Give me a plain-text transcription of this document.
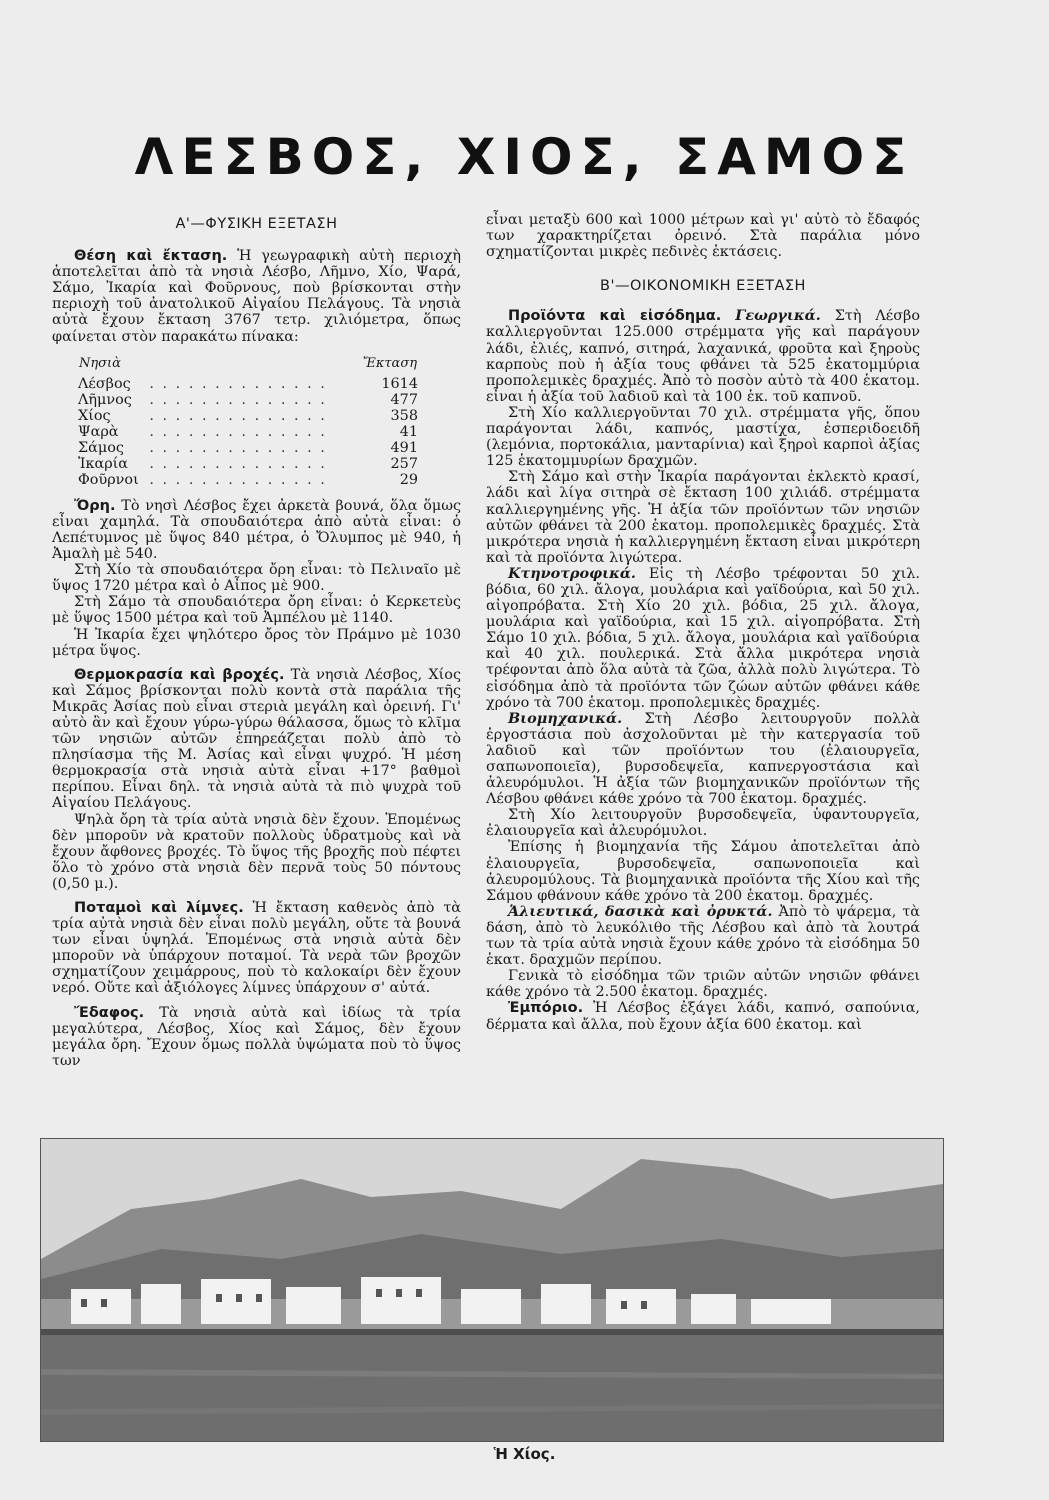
ΛΕΣΒΟΣ, ΧΙΟΣ, ΣΑΜΟΣ
Α'—ΦΥΣΙΚΗ ΕΞΕΤΑΣΗ

Θέση καὶ ἔκταση. Ἡ γεωγραφικὴ αὐτὴ περιοχὴ ἀποτελεῖται ἀπὸ τὰ νησιὰ Λέσβο, Λῆμνο, Χίο, Ψαρά, Σάμο, Ἰκαρία καὶ Φοῦρνους, ποὺ βρίσκονται στὴν περιοχὴ τοῦ ἀνατολικοῦ Αἰγαίου Πελάγους. Τὰ νησιὰ αὐτὰ ἔχουν ἔκταση 3767 τετρ. χιλιόμετρα, ὅπως φαίνεται στὸν παρακάτω πίνακα:

Νησιὰ		Ἔκταση
Λέσβος	. . . . . . . . . . . . . .	1614
Λῆμνος	. . . . . . . . . . . . . .	477
Χίος	. . . . . . . . . . . . . .	358
Ψαρὰ	. . . . . . . . . . . . . .	41
Σάμος	. . . . . . . . . . . . . .	491
Ἰκαρία	. . . . . . . . . . . . . .	257
Φοῦρνοι	. . . . . . . . . . . . . .	29

Ὄρη. Τὸ νησὶ Λέσβος ἔχει ἀρκετὰ βουνά, ὅλα ὅμως εἶναι χαμηλά. Τὰ σπουδαιότερα ἀπὸ αὐτὰ εἶναι: ὁ Λεπέτυμνος μὲ ὕψος 840 μέτρα, ὁ Ὄλυμπος μὲ 940, ἡ Ἀμαλὴ μὲ 540.

Στὴ Χίο τὰ σπουδαιότερα ὄρη εἶναι: τὸ Πελιναῖο μὲ ὕψος 1720 μέτρα καὶ ὁ Αἶπος μὲ 900.

Στὴ Σάμο τὰ σπουδαιότερα ὄρη εἶναι: ὁ Κερκετεὺς μὲ ὕψος 1500 μέτρα καὶ τοῦ Ἀμπέλου μὲ 1140.

Ἡ Ἰκαρία ἔχει ψηλότερο ὄρος τὸν Πράμνο μὲ 1030 μέτρα ὕψος.

Θερμοκρασία καὶ βροχές. Τὰ νησιὰ Λέσβος, Χίος καὶ Σάμος βρίσκονται πολὺ κοντὰ στὰ παράλια τῆς Μικρᾶς Ἀσίας ποὺ εἶναι στεριὰ μεγάλη καὶ ὀρεινή. Γι' αὐτὸ ἂν καὶ ἔχουν γύρω-γύρω θάλασσα, ὅμως τὸ κλῖμα τῶν νησιῶν αὐτῶν ἐπηρεάζεται πολὺ ἀπὸ τὸ πλησίασμα τῆς Μ. Ἀσίας καὶ εἶναι ψυχρό. Ἡ μέση θερμοκρασία στὰ νησιὰ αὐτὰ εἶναι +17° βαθμοὶ περίπου. Εἶναι δηλ. τὰ νησιὰ αὐτὰ τὰ πιὸ ψυχρὰ τοῦ Αἰγαίου Πελάγους.

Ψηλὰ ὄρη τὰ τρία αὐτὰ νησιὰ δὲν ἔχουν. Ἑπομένως δὲν μποροῦν νὰ κρατοῦν πολλοὺς ὑδρατμοὺς καὶ νὰ ἔχουν ἄφθονες βροχές. Τὸ ὕψος τῆς βροχῆς ποὺ πέφτει ὅλο τὸ χρόνο στὰ νησιὰ δὲν περνᾶ τοὺς 50 πόντους (0,50 μ.).

Ποταμοὶ καὶ λίμνες. Ἡ ἔκταση καθενὸς ἀπὸ τὰ τρία αὐτὰ νησιὰ δὲν εἶναι πολὺ μεγάλη, οὔτε τὰ βουνά των εἶναι ὑψηλά. Ἐπομένως στὰ νησιὰ αὐτὰ δὲν μποροῦν νὰ ὑπάρχουν ποταμοί. Τὰ νερὰ τῶν βροχῶν σχηματίζουν χειμάρρους, ποὺ τὸ καλοκαίρι δὲν ἔχουν νερό. Οὔτε καὶ ἀξιόλογες λίμνες ὑπάρχουν σ' αὐτά.

Ἔδαφος. Τὰ νησιὰ αὐτὰ καὶ ἰδίως τὰ τρία μεγαλύτερα, Λέσβος, Χίος καὶ Σάμος, δὲν ἔχουν μεγάλα ὄρη. Ἔχουν ὅμως πολλὰ ὑψώματα ποὺ τὸ ὕψος των

εἶναι μεταξὺ 600 καὶ 1000 μέτρων καὶ γι' αὐτὸ τὸ ἔδαφός των χαρακτηρίζεται ὀρεινό. Στὰ παράλια μόνο σχηματίζονται μικρὲς πεδινὲς ἐκτάσεις.

Β'—ΟΙΚΟΝΟΜΙΚΗ ΕΞΕΤΑΣΗ

Προϊόντα καὶ εἰσόδημα. Γεωργικά. Στὴ Λέσβο καλλιεργοῦνται 125.000 στρέμματα γῆς καὶ παράγουν λάδι, ἐλιές, καπνό, σιτηρά, λαχανικά, φροῦτα καὶ ξηροὺς καρποὺς ποὺ ἡ ἀξία τους φθάνει τὰ 525 ἑκατομμύρια προπολεμικὲς δραχμές. Ἀπὸ τὸ ποσὸν αὐτὸ τὰ 400 ἑκατομ. εἶναι ἡ ἀξία τοῦ λαδιοῦ καὶ τὰ 100 ἑκ. τοῦ καπνοῦ.

Στὴ Χίο καλλιεργοῦνται 70 χιλ. στρέμματα γῆς, ὅπου παράγονται λάδι, καπνός, μαστίχα, ἐσπεριδοειδῆ (λεμόνια, πορτοκάλια, μανταρίνια) καὶ ξηροὶ καρποὶ ἀξίας 125 ἑκατομμυρίων δραχμῶν.

Στὴ Σάμο καὶ στὴν Ἰκαρία παράγονται ἐκλεκτὸ κρασί, λάδι καὶ λίγα σιτηρὰ σὲ ἔκταση 100 χιλιάδ. στρέμματα καλλιεργημένης γῆς. Ἡ ἀξία τῶν προϊόντων τῶν νησιῶν αὐτῶν φθάνει τὰ 200 ἑκατομ. προπολεμικὲς δραχμές. Στὰ μικρότερα νησιὰ ἡ καλλιεργημένη ἔκταση εἶναι μικρότερη καὶ τὰ προϊόντα λιγώτερα.

Κτηνοτροφικά. Εἰς τὴ Λέσβο τρέφονται 50 χιλ. βόδια, 60 χιλ. ἄλογα, μουλάρια καὶ γαϊδούρια, καὶ 50 χιλ. αἰγοπρόβατα. Στὴ Χίο 20 χιλ. βόδια, 25 χιλ. ἄλογα, μουλάρια καὶ γαϊδούρια, καὶ 15 χιλ. αἰγοπρόβατα. Στὴ Σάμο 10 χιλ. βόδια, 5 χιλ. ἄλογα, μουλάρια καὶ γαϊδούρια καὶ 40 χιλ. πουλερικά. Στὰ ἄλλα μικρότερα νησιὰ τρέφονται ἀπὸ ὅλα αὐτὰ τὰ ζῶα, ἀλλὰ πολὺ λιγώτερα. Τὸ εἰσόδημα ἀπὸ τὰ προϊόντα τῶν ζώων αὐτῶν φθάνει κάθε χρόνο τὰ 700 ἑκατομ. προπολεμικὲς δραχμές.

Βιομηχανικά. Στὴ Λέσβο λειτουργοῦν πολλὰ ἐργοστάσια ποὺ ἀσχολοῦνται μὲ τὴν κατεργασία τοῦ λαδιοῦ καὶ τῶν προϊόντων του (ἐλαιουργεῖα, σαπωνοποιεῖα), βυρσοδεψεῖα, καπνεργοστάσια καὶ ἀλευρόμυλοι. Ἡ ἀξία τῶν βιομηχανικῶν προϊόντων τῆς Λέσβου φθάνει κάθε χρόνο τὰ 700 ἑκατομ. δραχμές.

Στὴ Χίο λειτουργοῦν βυρσοδεψεῖα, ὑφαντουργεῖα, ἐλαιουργεῖα καὶ ἀλευρόμυλοι.

Ἐπίσης ἡ βιομηχανία τῆς Σάμου ἀποτελεῖται ἀπὸ ἐλαιουργεῖα, βυρσοδεψεῖα, σαπωνοποιεῖα καὶ ἀλευρομύλους. Τὰ βιομηχανικὰ προϊόντα τῆς Χίου καὶ τῆς Σάμου φθάνουν κάθε χρόνο τὰ 200 ἑκατομ. δραχμές.

Ἁλιευτικά, δασικὰ καὶ ὀρυκτά. Ἀπὸ τὸ ψάρεμα, τὰ δάση, ἀπὸ τὸ λευκόλιθο τῆς Λέσβου καὶ ἀπὸ τὰ λουτρά των τὰ τρία αὐτὰ νησιὰ ἔχουν κάθε χρόνο τὰ εἰσόδημα 50 ἑκατ. δραχμῶν περίπου.

Γενικὰ τὸ εἰσόδημα τῶν τριῶν αὐτῶν νησιῶν φθάνει κάθε χρόνο τὰ 2.500 ἑκατομ. δραχμές.

Ἐμπόριο. Ἡ Λέσβος ἐξάγει λάδι, καπνό, σαπούνια, δέρματα καὶ ἄλλα, ποὺ ἔχουν ἀξία 600 ἑκατομ. καὶ

Ἡ Χίος.
